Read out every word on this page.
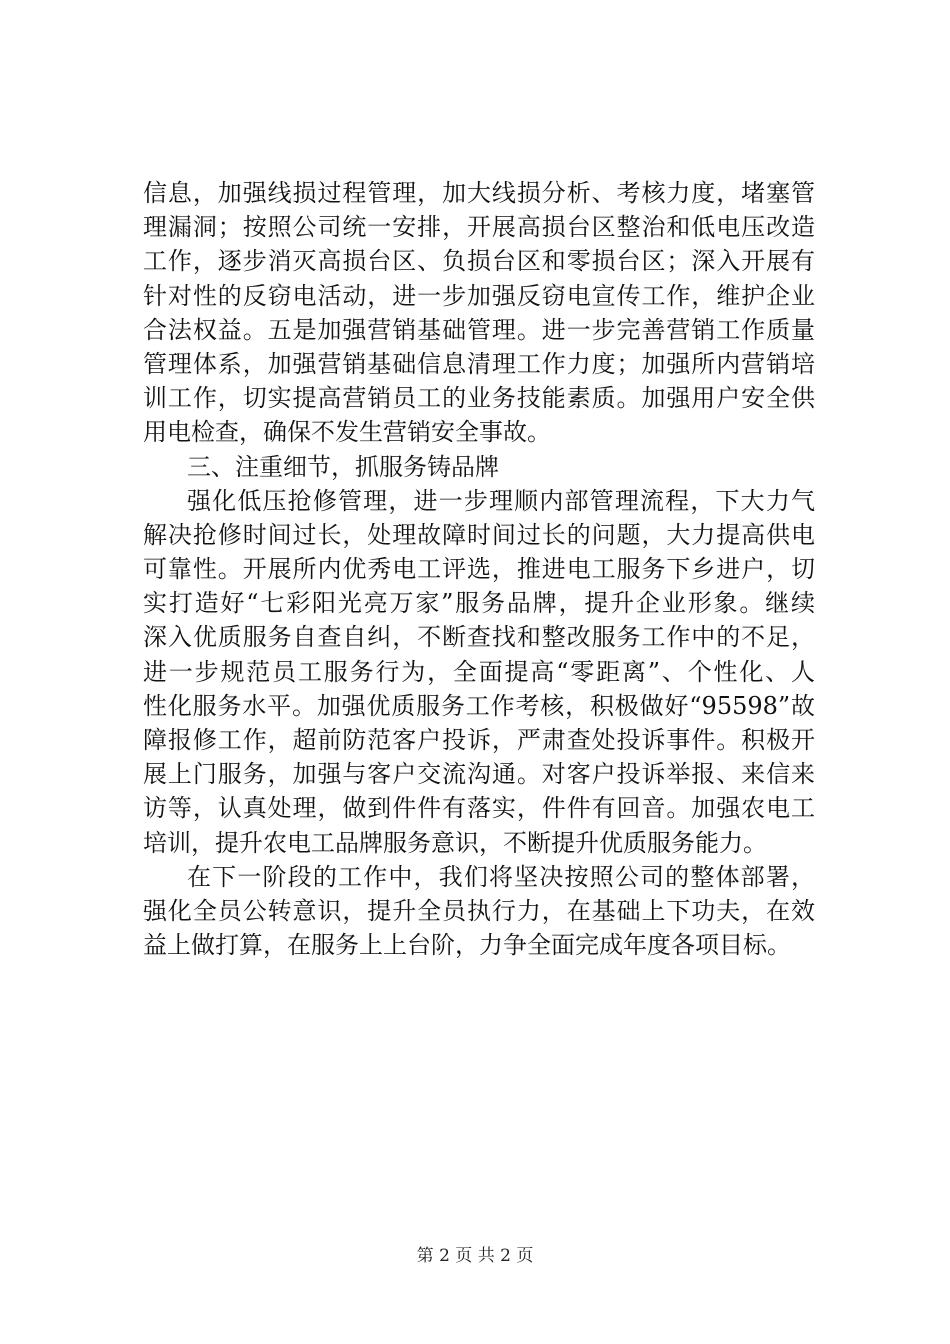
信息，加强线损过程管理，加大线损分析、考核力度，堵塞管
理漏洞；按照公司统一安排，开展高损台区整治和低电压改造
工作，逐步消灭高损台区、负损台区和零损台区；深入开展有
针对性的反窃电活动，进一步加强反窃电宣传工作，维护企业
合法权益。五是加强营销基础管理。进一步完善营销工作质量
管理体系，加强营销基础信息清理工作力度；加强所内营销培
训工作，切实提高营销员工的业务技能素质。加强用户安全供
用电检查，确保不发生营销安全事故。
三、注重细节，抓服务铸品牌
强化低压抢修管理，进一步理顺内部管理流程，下大力气
解决抢修时间过长，处理故障时间过长的问题，大力提高供电
可靠性。开展所内优秀电工评选，推进电工服务下乡进户，切
实打造好“七彩阳光亮万家”服务品牌，提升企业形象。继续
深入优质服务自查自纠，不断查找和整改服务工作中的不足，
进一步规范员工服务行为，全面提高“零距离”、个性化、人
性化服务水平。加强优质服务工作考核，积极做好“95598”故
障报修工作，超前防范客户投诉，严肃查处投诉事件。积极开
展上门服务，加强与客户交流沟通。对客户投诉举报、来信来
访等，认真处理，做到件件有落实，件件有回音。加强农电工
培训，提升农电工品牌服务意识，不断提升优质服务能力。
在下一阶段的工作中，我们将坚决按照公司的整体部署，
强化全员公转意识，提升全员执行力，在基础上下功夫，在效
益上做打算，在服务上上台阶，力争全面完成年度各项目标。
第 2 页 共 2 页
